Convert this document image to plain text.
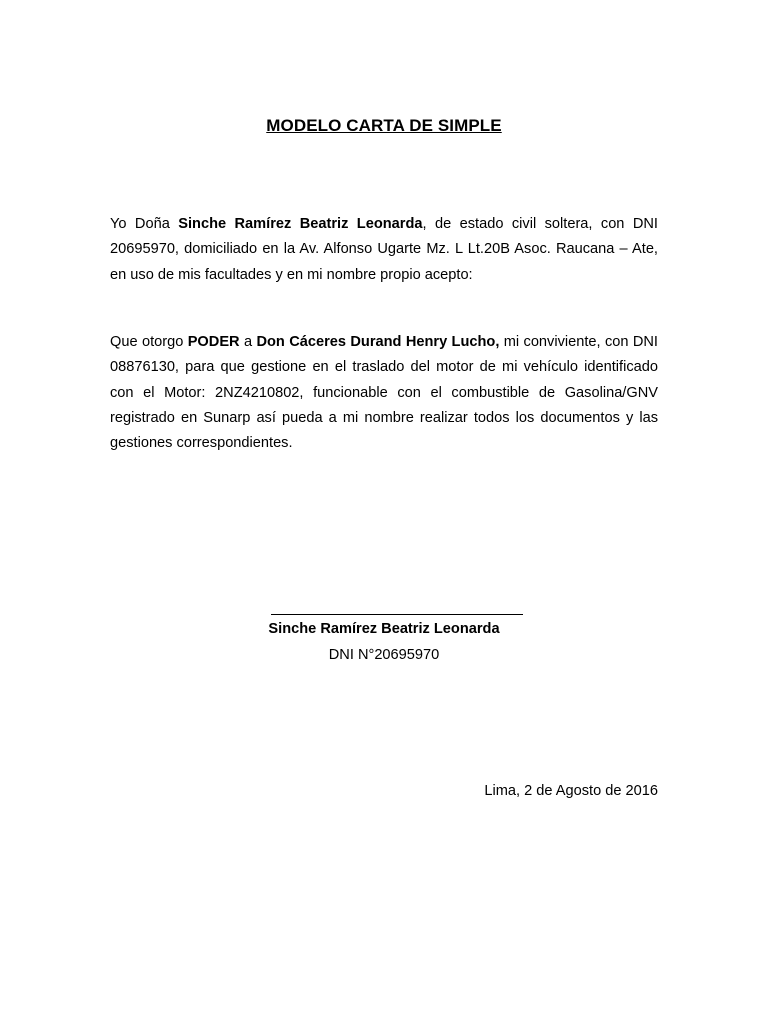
MODELO CARTA DE SIMPLE
Yo Doña Sinche Ramírez Beatriz Leonarda, de estado civil soltera, con DNI 20695970, domiciliado en la Av. Alfonso Ugarte Mz. L Lt.20B Asoc. Raucana – Ate, en uso de mis facultades y en mi nombre propio acepto:
Que otorgo PODER a Don Cáceres Durand Henry Lucho, mi conviviente, con DNI 08876130, para que gestione en el traslado del motor de mi vehículo identificado con el Motor: 2NZ4210802, funcionable con el combustible de Gasolina/GNV registrado en Sunarp así pueda a mi nombre realizar todos los documentos y las gestiones correspondientes.
Sinche Ramírez Beatriz Leonarda
DNI N°20695970
Lima, 2 de Agosto de 2016
